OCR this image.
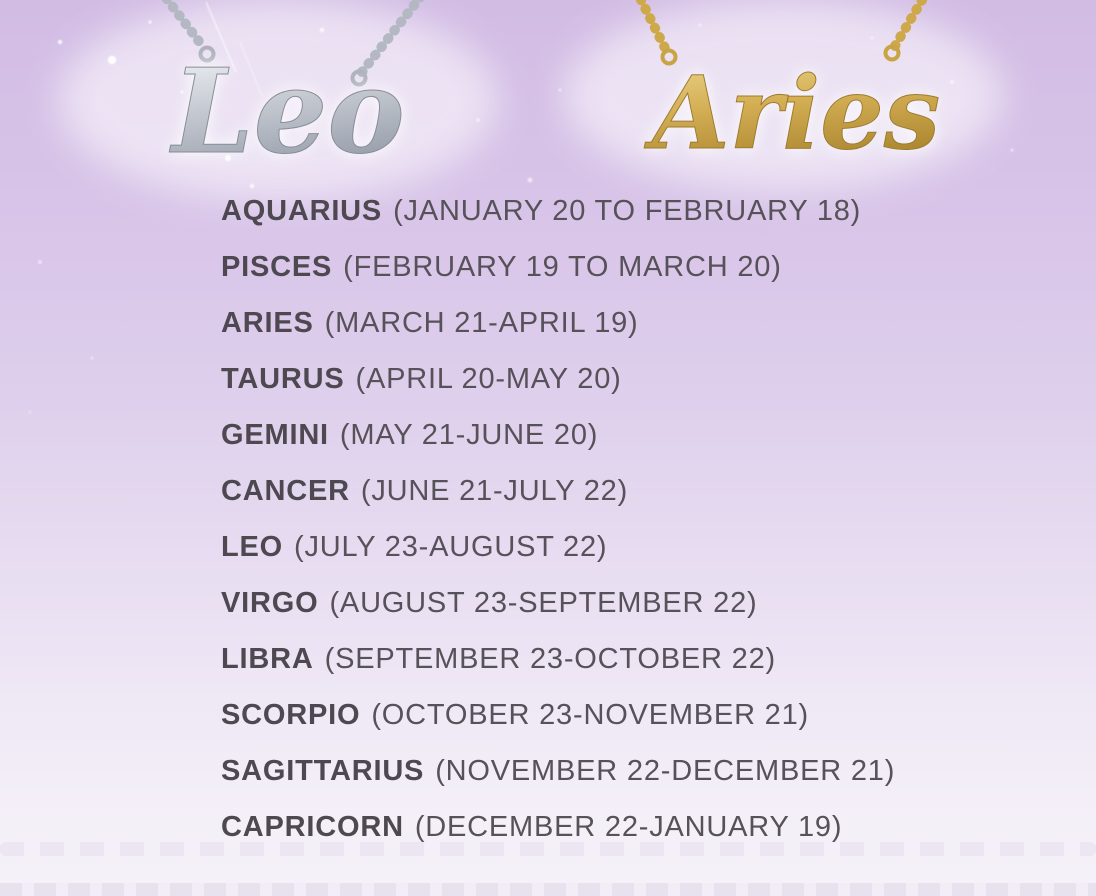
Leo Aries
AQUARIUS (JANUARY 20 TO FEBRUARY 18)
PISCES (FEBRUARY 19 TO MARCH 20)
ARIES (MARCH 21-APRIL 19)
TAURUS (APRIL 20-MAY 20)
GEMINI (MAY 21-JUNE 20)
CANCER (JUNE 21-JULY 22)
LEO (JULY 23-AUGUST 22)
VIRGO (AUGUST 23-SEPTEMBER 22)
LIBRA (SEPTEMBER 23-OCTOBER 22)
SCORPIO (OCTOBER 23-NOVEMBER 21)
SAGITTARIUS (NOVEMBER 22-DECEMBER 21)
CAPRICORN (DECEMBER 22-JANUARY 19)
